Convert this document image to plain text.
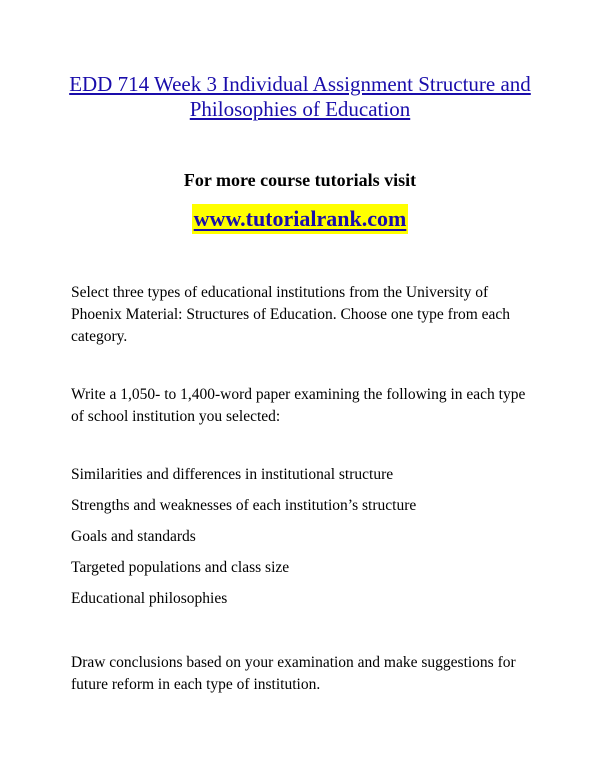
EDD 714 Week 3 Individual Assignment Structure and
Philosophies of Education

For more course tutorials visit

www.tutorialrank.com

Select three types of educational institutions from the University of Phoenix Material: Structures of Education. Choose one type from each category.

Write a 1,050- to 1,400-word paper examining the following in each type of school institution you selected:

Similarities and differences in institutional structure
Strengths and weaknesses of each institution’s structure
Goals and standards
Targeted populations and class size
Educational philosophies

Draw conclusions based on your examination and make suggestions for future reform in each type of institution.
